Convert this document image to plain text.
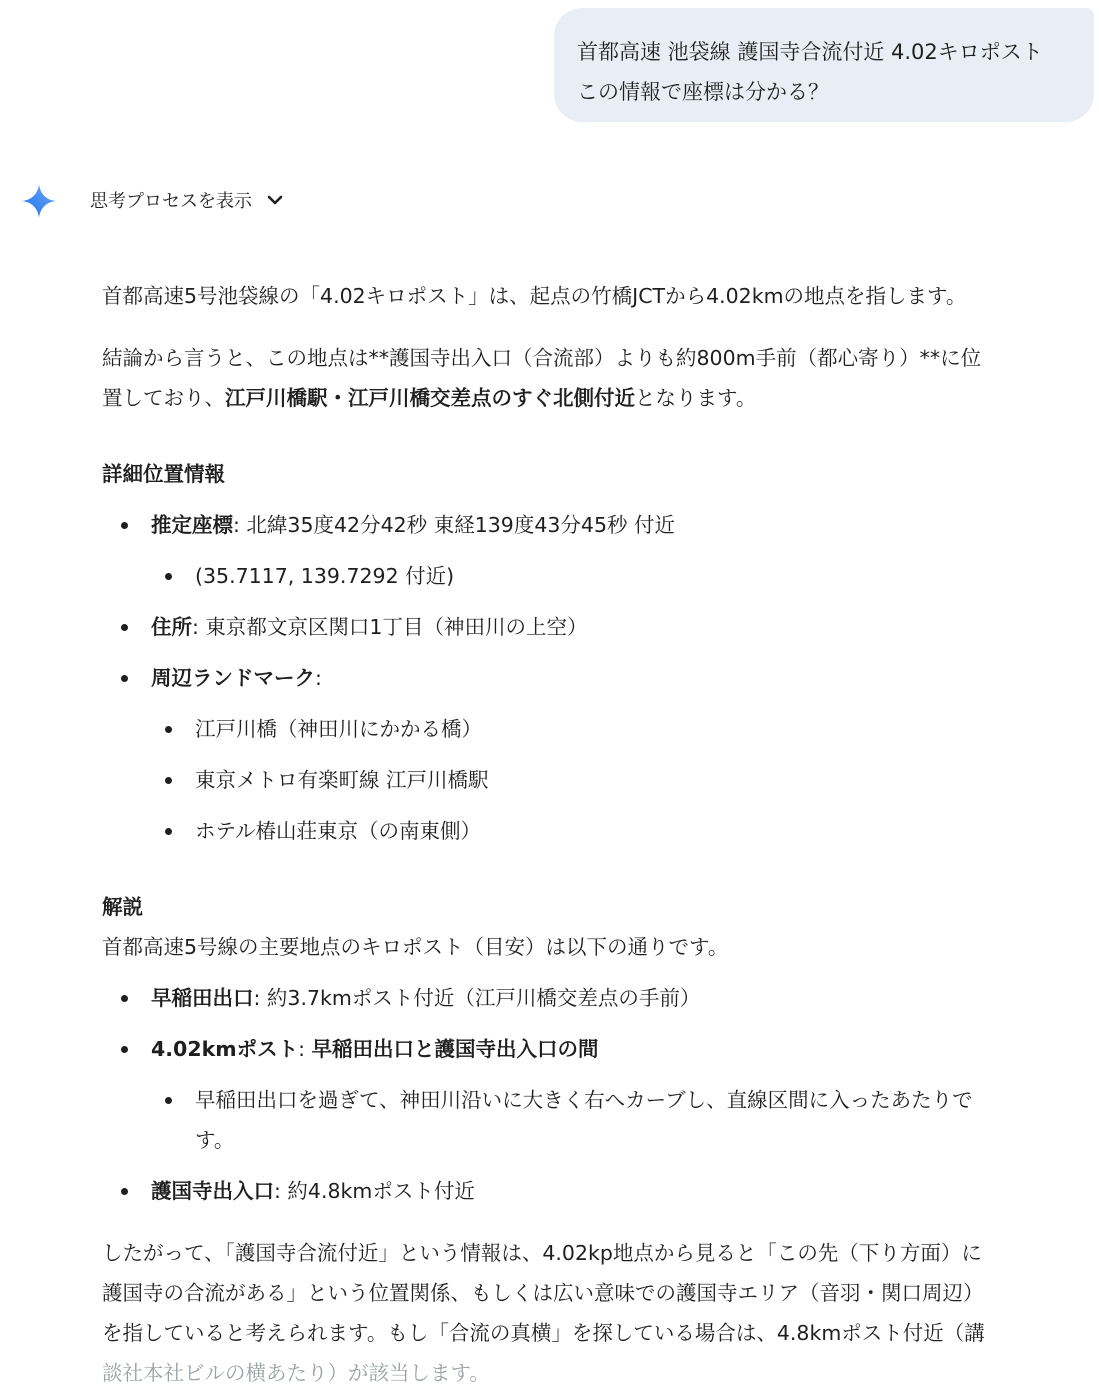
首都高速 池袋線 護国寺合流付近 4.02キロポスト
この情報で座標は分かる？
思考プロセスを表示

首都高速5号池袋線の「4.02キロポスト」は、起点の竹橋JCTから4.02kmの地点を指します。

結論から言うと、この地点は**護国寺出入口（合流部）よりも約800m手前（都心寄り）**に位
置しており、江戸川橋駅・江戸川橋交差点のすぐ北側付近となります。

詳細位置情報
推定座標: 北緯35度42分42秒 東経139度43分45秒 付近
(35.7117, 139.7292 付近)
住所: 東京都文京区関口1丁目（神田川の上空）
周辺ランドマーク:
江戸川橋（神田川にかかる橋）
東京メトロ有楽町線 江戸川橋駅
ホテル椿山荘東京（の南東側）
解説

首都高速5号線の主要地点のキロポスト（目安）は以下の通りです。

早稲田出口: 約3.7kmポスト付近（江戸川橋交差点の手前）
4.02kmポスト: 早稲田出口と護国寺出入口の間
早稲田出口を過ぎて、神田川沿いに大きく右へカーブし、直線区間に入ったあたりで
す。
護国寺出入口: 約4.8kmポスト付近
したがって、「護国寺合流付近」という情報は、4.02kp地点から見ると「この先（下り方面）に
護国寺の合流がある」という位置関係、もしくは広い意味での護国寺エリア（音羽・関口周辺）
を指していると考えられます。もし「合流の真横」を探している場合は、4.8kmポスト付近（講
談社本社ビルの横あたり）が該当します。
